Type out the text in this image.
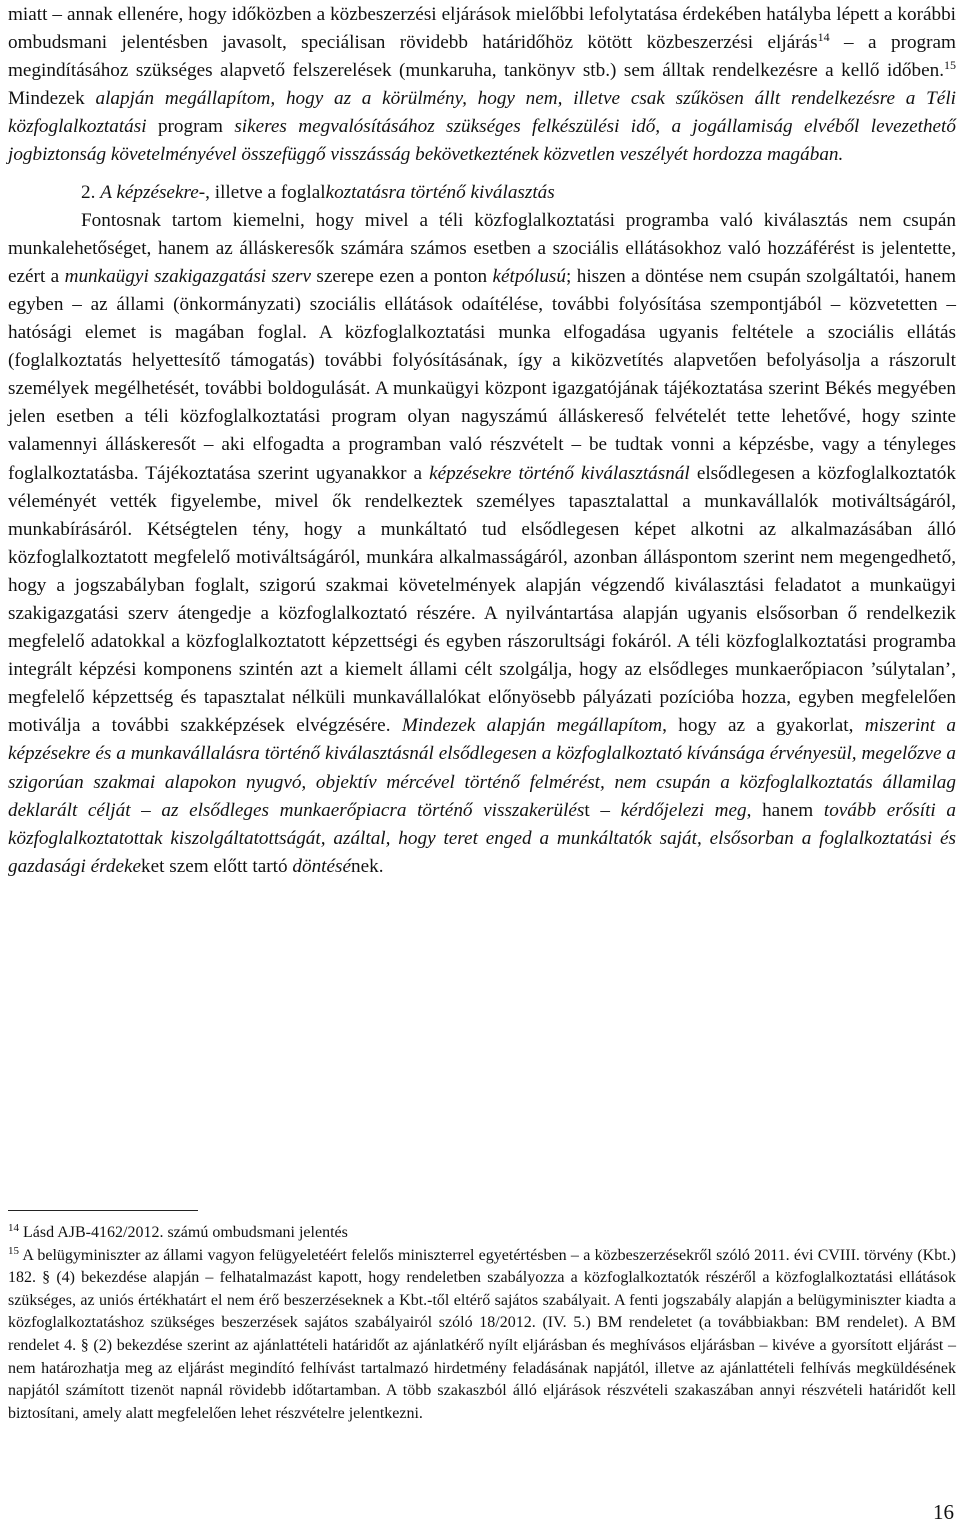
miatt – annak ellenére, hogy időközben a közbeszerzési eljárások mielőbbi lefolytatása érdekében hatályba lépett a korábbi ombudsmani jelentésben javasolt, speciálisan rövidebb határidőhöz kötött közbeszerzési eljárás$^{14}$ – a program megindításához szükséges alapvető felszerelések (munkaruha, tankönyv stb.) sem álltak rendelkezésre a kellő időben.$^{15}$ Mindezek alapján megállapítom, hogy az a körülmény, hogy nem, illetve csak szűkösen állt rendelkezésre a Téli közfoglalkoztatási program sikeres megvalósításához szükséges felkészülési idő, a jogállamiság elvéből levezethető jogbiztonság követelményével összefüggő visszásság bekövetkeztének közvetlen veszélyét hordozza magában.

2. A képzésekre-, illetve a foglalkoztatásra történő kiválasztás

Fontosnak tartom kiemelni, hogy mivel a téli közfoglalkoztatási programba való kiválasztás nem csupán munkalehetőséget, hanem az álláskeresők számára számos esetben a szociális ellátásokhoz való hozzáférést is jelentette, ezért a munkaügyi szakigazgatási szerv szerepe ezen a ponton kétpólusú; hiszen a döntése nem csupán szolgáltatói, hanem egyben – az állami (önkormányzati) szociális ellátások odaítélése, további folyósítása szempontjából – közvetetten – hatósági elemet is magában foglal. A közfoglalkoztatási munka elfogadása ugyanis feltétele a szociális ellátás (foglalkoztatás helyettesítő támogatás) további folyósításának, így a kiközvetítés alapvetően befolyásolja a rászorult személyek megélhetését, további boldogulását. A munkaügyi központ igazgatójának tájékoztatása szerint Békés megyében jelen esetben a téli közfoglalkoztatási program olyan nagyszámú álláskereső felvételét tette lehetővé, hogy szinte valamennyi álláskeresőt – aki elfogadta a programban való részvételt – be tudtak vonni a képzésbe, vagy a tényleges foglalkoztatásba. Tájékoztatása szerint ugyanakkor a képzésekre történő kiválasztásnál elsődlegesen a közfoglalkoztatók véleményét vették figyelembe, mivel ők rendelkeztek személyes tapasztalattal a munkavállalók motiváltságáról, munkabírásáról. Kétségtelen tény, hogy a munkáltató tud elsődlegesen képet alkotni az alkalmazásában álló közfoglalkoztatott megfelelő motiváltságáról, munkára alkalmasságáról, azonban álláspontom szerint nem megengedhető, hogy a jogszabályban foglalt, szigorú szakmai követelmények alapján végzendő kiválasztási feladatot a munkaügyi szakigazgatási szerv átengedje a közfoglalkoztató részére. A nyilvántartása alapján ugyanis elsősorban ő rendelkezik megfelelő adatokkal a közfoglalkoztatott képzettségi és egyben rászorultsági fokáról. A téli közfoglalkoztatási programba integrált képzési komponens szintén azt a kiemelt állami célt szolgálja, hogy az elsődleges munkaerőpiacon ’súlytalan’, megfelelő képzettség és tapasztalat nélküli munkavállalókat előnyösebb pályázati pozícióba hozza, egyben megfelelően motiválja a további szakképzések elvégzésére. Mindezek alapján megállapítom, hogy az a gyakorlat, miszerint a képzésekre és a munkavállalásra történő kiválasztásnál elsődlegesen a közfoglalkoztató kívánsága érvényesül, megelőzve a szigorúan szakmai alapokon nyugvó, objektív mércével történő felmérést, nem csupán a közfoglalkoztatás államilag deklarált célját – az elsődleges munkaerőpiacra történő visszakerülést – kérdőjelezi meg, hanem tovább erősíti a közfoglalkoztatottak kiszolgáltatottságát, azáltal, hogy teret enged a munkáltatók saját, elsősorban a foglalkoztatási és gazdasági érdekeket szem előtt tartó döntésének.

$^{14}$ Lásd AJB-4162/2012. számú ombudsmani jelentés

$^{15}$ A belügyminiszter az állami vagyon felügyeletéért felelős miniszterrel egyetértésben – a közbeszerzésekről szóló 2011. évi CVIII. törvény (Kbt.) 182. § (4) bekezdése alapján – felhatalmazást kapott, hogy rendeletben szabályozza a közfoglalkoztatók részéről a közfoglalkoztatási ellátások szükséges, az uniós értékhatárt el nem érő beszerzéseknek a Kbt.-től eltérő sajátos szabályait. A fenti jogszabály alapján a belügyminiszter kiadta a közfoglalkoztatáshoz szükséges beszerzések sajátos szabályairól szóló 18/2012. (IV. 5.) BM rendeletet (a továbbiakban: BM rendelet). A BM rendelet 4. § (2) bekezdése szerint az ajánlattételi határidőt az ajánlatkérő nyílt eljárásban és meghívásos eljárásban – kivéve a gyorsított eljárást – nem határozhatja meg az eljárást megindító felhívást tartalmazó hirdetmény feladásának napjától, illetve az ajánlattételi felhívás megküldésének napjától számított tizenöt napnál rövidebb időtartamban. A több szakaszból álló eljárások részvételi szakaszában annyi részvételi határidőt kell biztosítani, amely alatt megfelelően lehet részvételre jelentkezni.

16
